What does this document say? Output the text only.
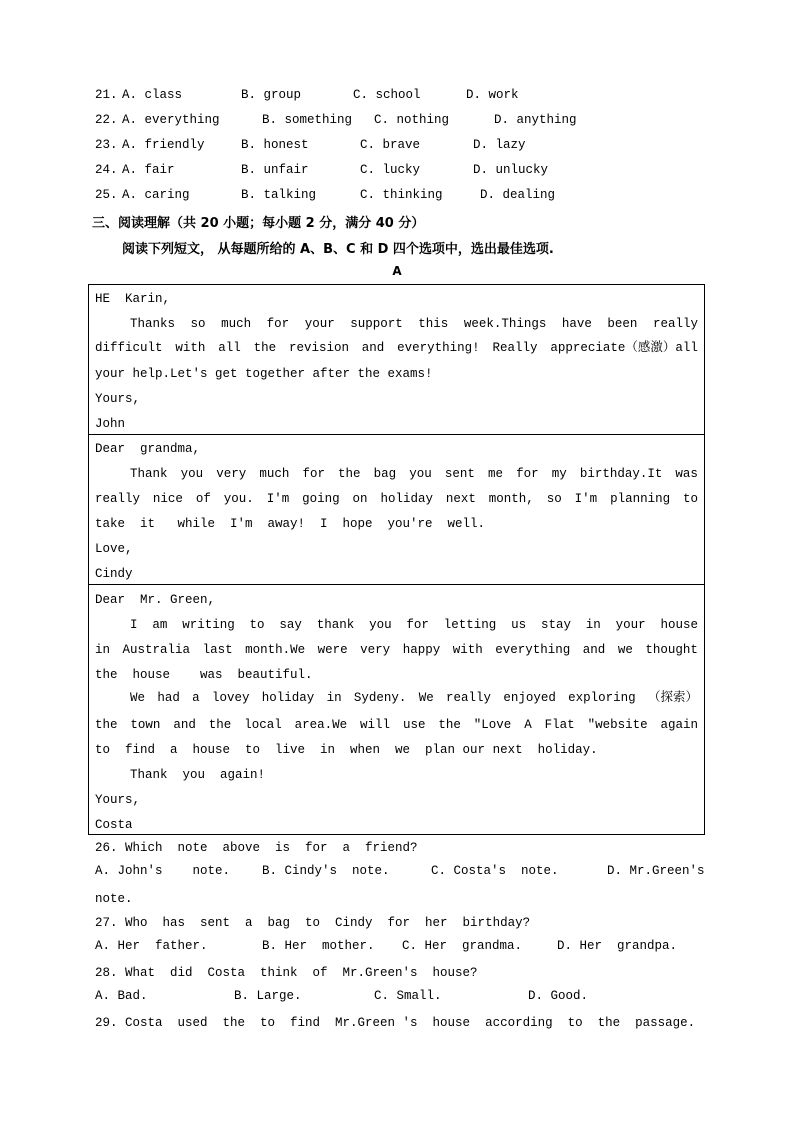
21. A. class	B. group	C. school	D. work
22. A. everything	B. something C. nothing	D. anything
23. A. friendly	B. honest	C. brave	D. lazy
24. A. fair	B. unfair	C. lucky	D. unlucky
25. A. caring	B. talking	C. thinking	D. dealing
三、阅读理解（共 20 小题；每小题 2 分，满分 40 分）
阅读下列短文， 从每题所给的 A、B、C 和 D 四个选项中，选出最佳选项.
A
HE  Karin,
Thanks so much for your support this week.Things have been really
difficult with all the revision and everything! Really appreciate（感激）all
your help.Let's get together after the exams!
Yours,
John
Dear  grandma,
Thank you very much for the bag you sent me for my birthday.It was
really nice of you. I'm going on holiday next month, so I'm planning to
take  it   while  I'm  away!  I  hope  you're  well.
Love,
Cindy
Dear  Mr. Green,
I am writing to say thank you for letting us stay in your house
in Australia last month.We were very happy with everything and we thought
the  house    was  beautiful.
We had a lovey holiday in Sydeny. We really enjoyed exploring （探索）
the town and the local area.We will use the "Love A Flat "website again
to  find  a  house  to  live  in  when  we  plan our next  holiday.
Thank  you  again!
Yours,
Costa
26. Which  note  above  is  for  a  friend?
A. John's    note.	B. Cindy's  note.	C. Costa's  note.	D. Mr.Green's
note.
27. Who  has  sent  a  bag  to  Cindy  for  her  birthday?
A. Her  father.	B. Her  mother. C. Her  grandma.	D. Her  grandpa.
28. What  did  Costa  think  of  Mr.Green's  house?
A. Bad.	B. Large.	C. Small.	D. Good.
29. Costa  used  the  to  find  Mr.Green 's  house  according  to  the  passage.
